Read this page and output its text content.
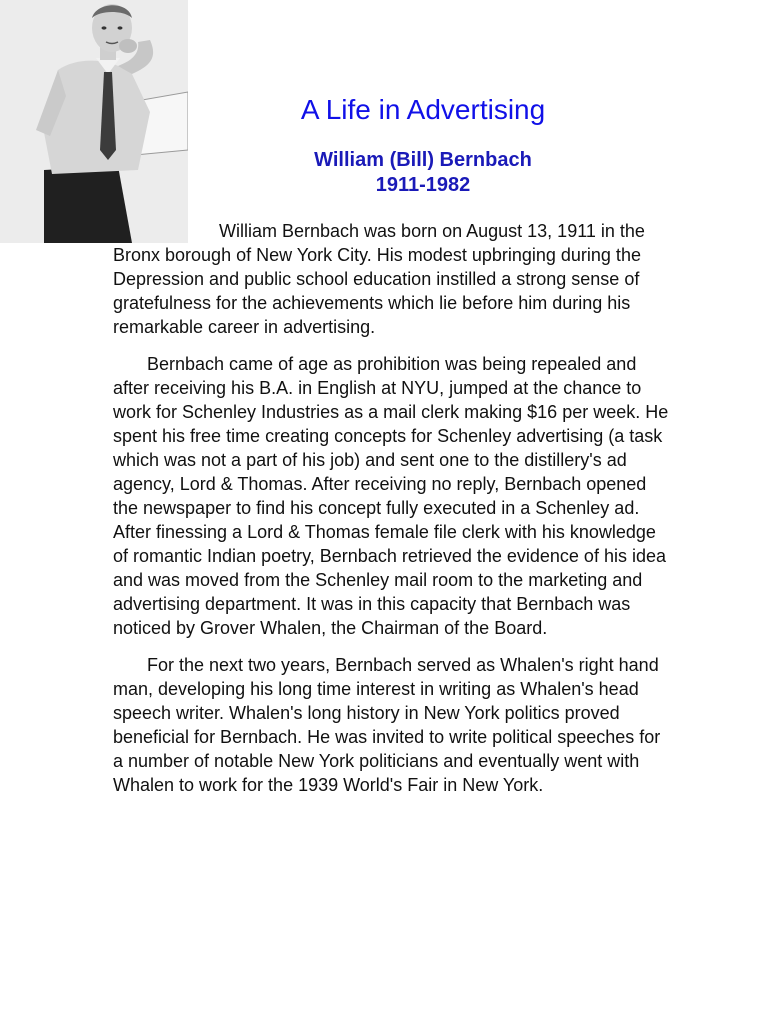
A Life in Advertising
William (Bill) Bernbach
1911-1982

William Bernbach was born on August 13, 1911 in the Bronx borough of New York City. His modest upbringing during the Depression and public school education instilled a strong sense of gratefulness for the achievements which lie before him during his remarkable career in advertising.

Bernbach came of age as prohibition was being repealed and after receiving his B.A. in English at NYU, jumped at the chance to work for Schenley Industries as a mail clerk making $16 per week. He spent his free time creating concepts for Schenley advertising (a task which was not a part of his job) and sent one to the distillery's ad agency, Lord & Thomas. After receiving no reply, Bernbach opened the newspaper to find his concept fully executed in a Schenley ad. After finessing a Lord & Thomas female file clerk with his knowledge of romantic Indian poetry, Bernbach retrieved the evidence of his idea and was moved from the Schenley mail room to the marketing and advertising department. It was in this capacity that Bernbach was noticed by Grover Whalen, the Chairman of the Board.

For the next two years, Bernbach served as Whalen's right hand man, developing his long time interest in writing as Whalen's head speech writer. Whalen's long history in New York politics proved beneficial for Bernbach. He was invited to write political speeches for a number of notable New York politicians and eventually went with Whalen to work for the 1939 World's Fair in New York.
